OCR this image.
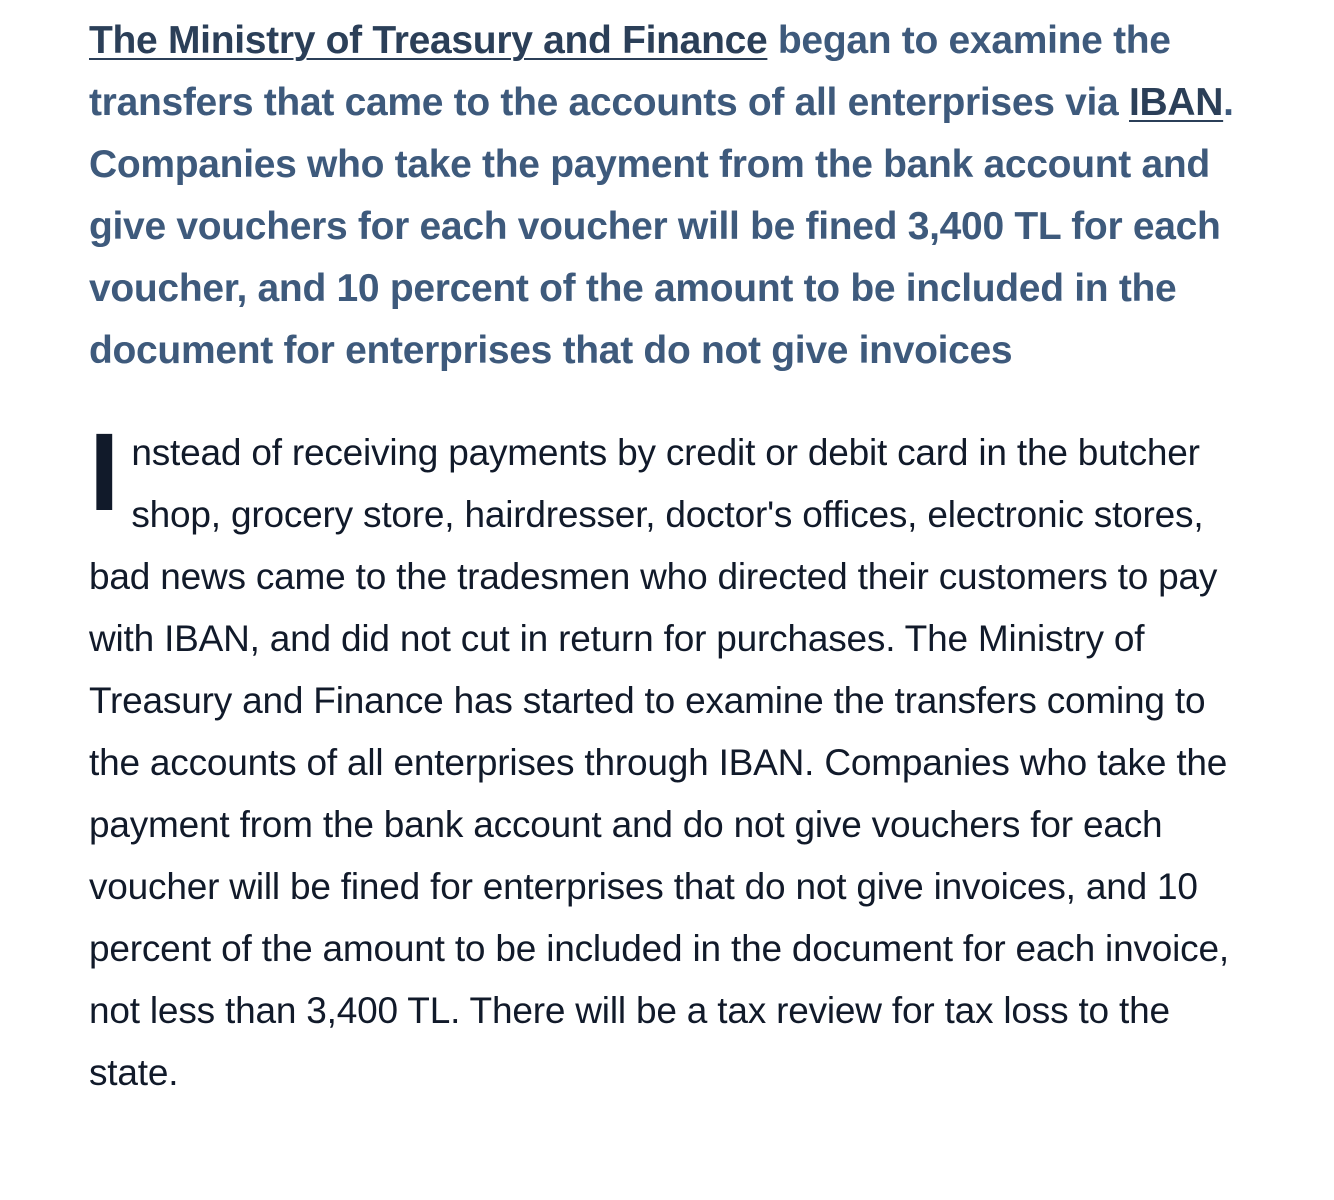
The Ministry of Treasury and Finance began to examine the transfers that came to the accounts of all enterprises via IBAN. Companies who take the payment from the bank account and give vouchers for each voucher will be fined 3,400 TL for each voucher, and 10 percent of the amount to be included in the document for enterprises that do not give invoices

Instead of receiving payments by credit or debit card in the butcher shop, grocery store, hairdresser, doctor's offices, electronic stores, bad news came to the tradesmen who directed their customers to pay with IBAN, and did not cut in return for purchases. The Ministry of Treasury and Finance has started to examine the transfers coming to the accounts of all enterprises through IBAN. Companies who take the payment from the bank account and do not give vouchers for each voucher will be fined for enterprises that do not give invoices, and 10 percent of the amount to be included in the document for each invoice, not less than 3,400 TL. There will be a tax review for tax loss to the state.
